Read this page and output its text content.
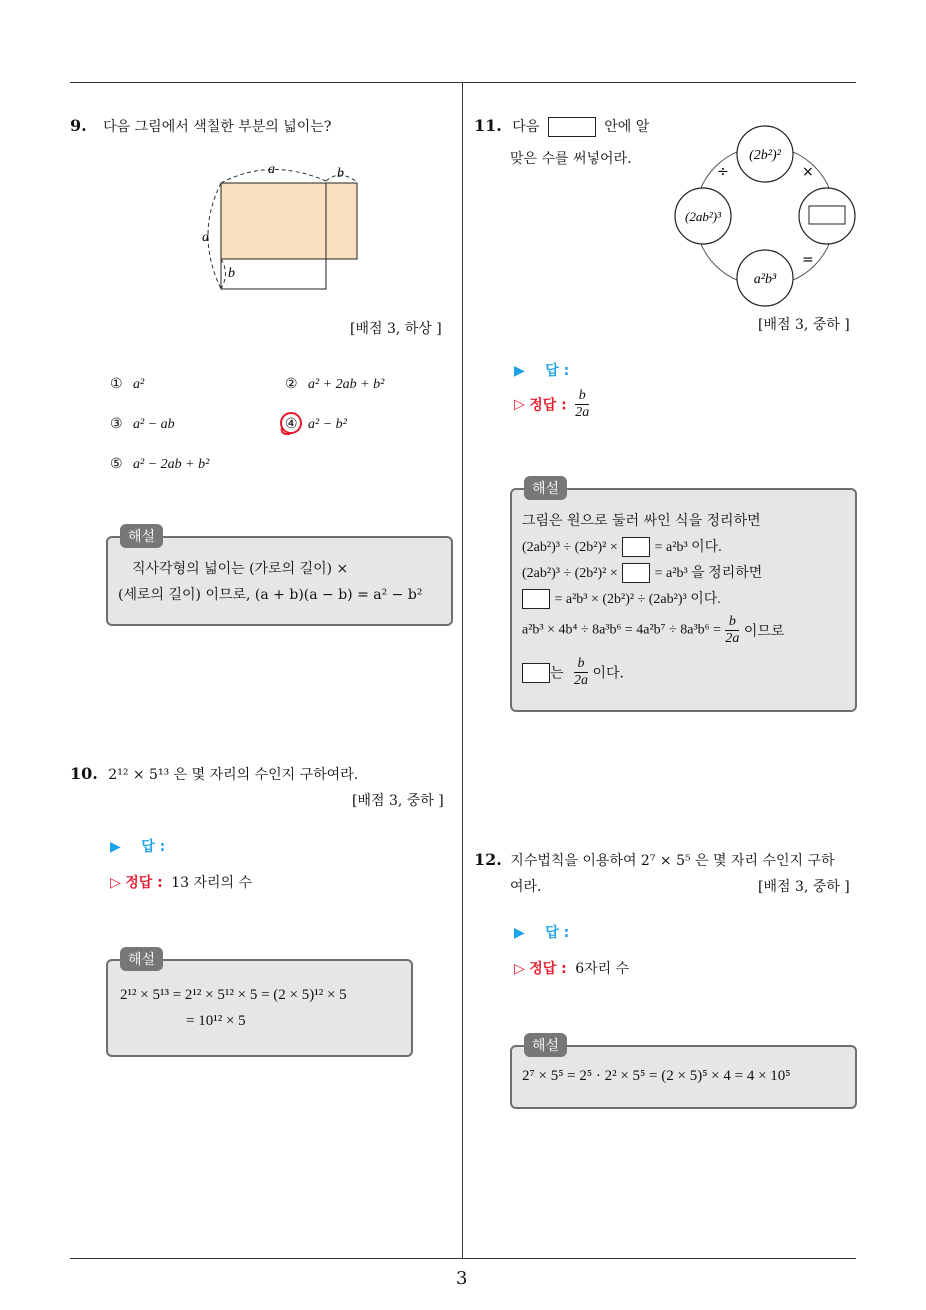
3
9. 다음 그림에서 색칠한 부분의 넓이는?
a	b
a
b
[배점 3, 하상 ]
① a²	② a² + 2ab + b²
③ a² − ab	④ a² − b²
⑤ a² − 2ab + b²
해설
직사각형의 넓이는 (가로의 길이) ×
(세로의 길이) 이므로, (a + b)(a − b) = a² − b²
10. 2¹² × 5¹³ 은 몇 자리의 수인지 구하여라.
[배점 3, 중하 ]
▶ 답 :
▷ 정답 : 13 자리의 수
해설
2¹² × 5¹³ = 2¹² × 5¹² × 5 = (2 × 5)¹² × 5
= 10¹² × 5
11. 다음	안에 알
맞은 수를 써넣어라.	(2b²)²
(2ab²)³
a²b³
÷	×
=
[배점 3, 중하 ]
▶ 답 :
▷ 정답 : $\frac{b}{2a}$
해설
그림은 원으로 둘러 싸인 식을 정리하면
(2ab²)³ ÷ (2b²)² ×	= a²b³ 이다.
(2ab²)³ ÷ (2b²)² ×	= a²b³ 을 정리하면
= a²b³ × (2b²)² ÷ (2ab²)³ 이다.
$a^2b^3 \times 4b^4 \div 8a^3b^6 = 4a^2b^7 \div 8a^3b^6 = \frac{b}{2a}$ 이므로
는 $\frac{b}{2a}$ 이다.
12. 지수법칙을 이용하여 2⁷ × 5⁵ 은 몇 자리 수인지 구하
여라.	[배점 3, 중하 ]
▶ 답 :
▷ 정답 : 6자리 수
해설
2⁷ × 5⁵ = 2⁵ · 2² × 5⁵ = (2 × 5)⁵ × 4 = 4 × 10⁵
